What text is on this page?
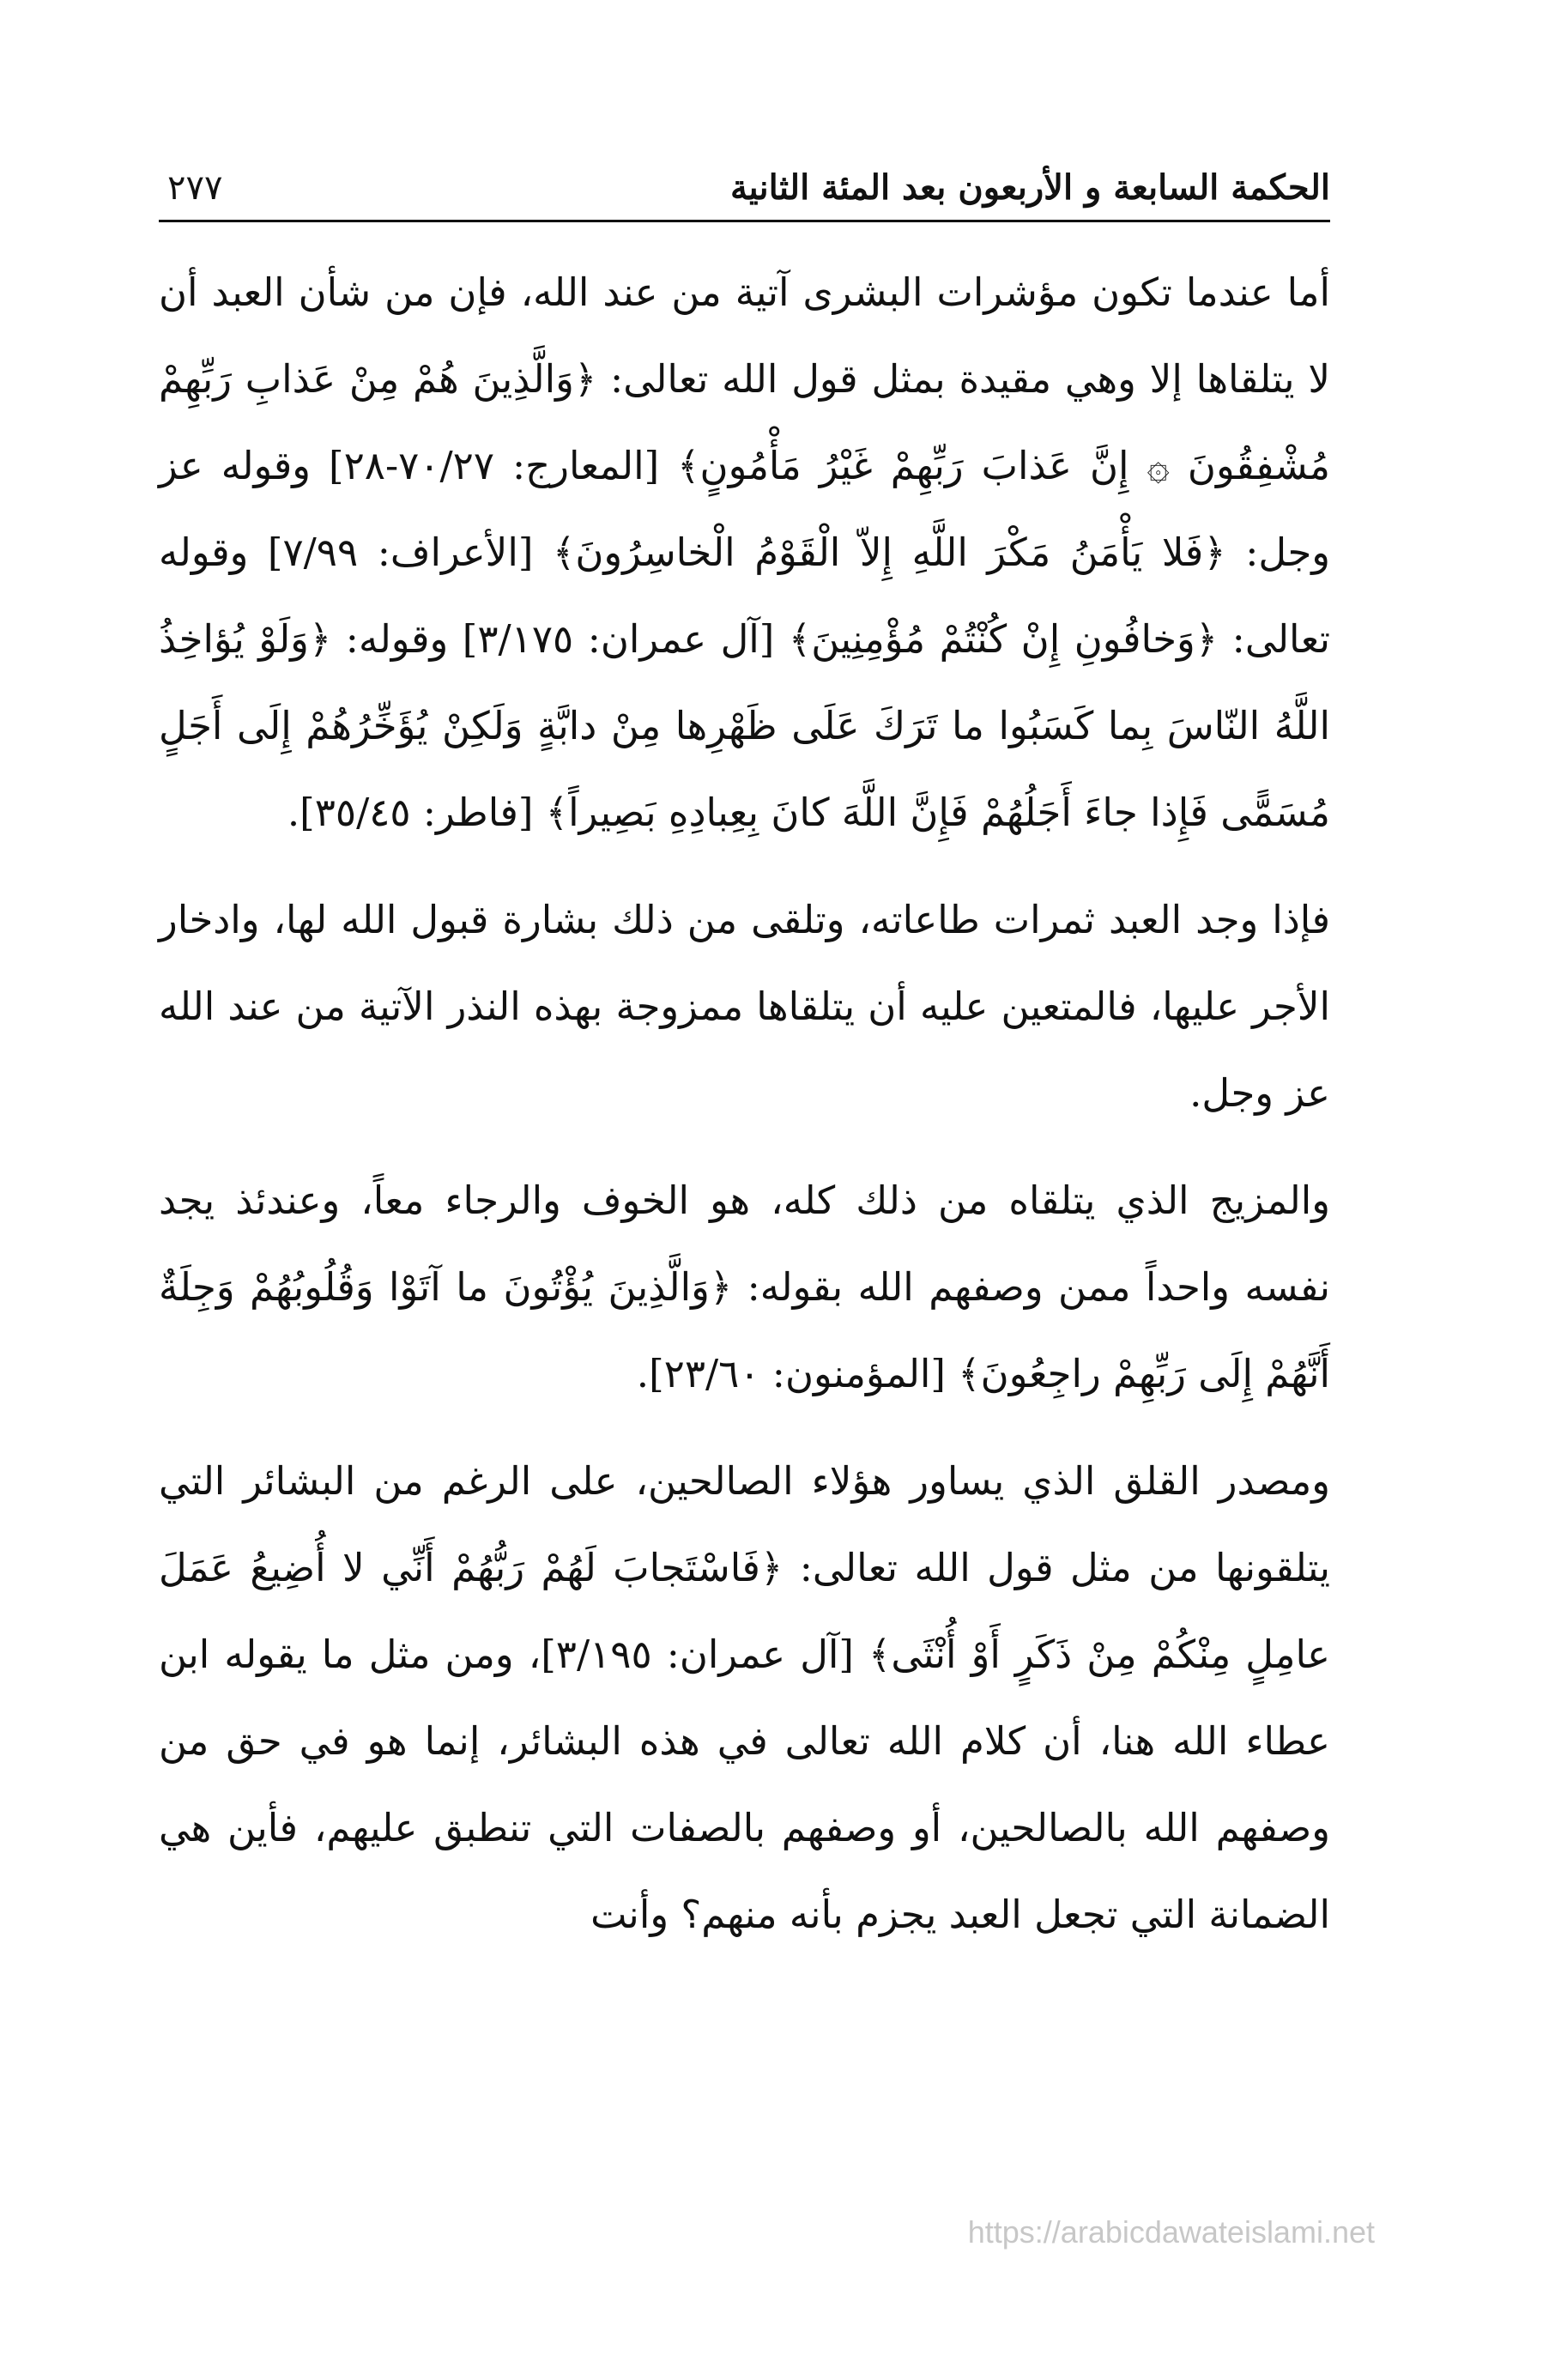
الحكمة السابعة و الأربعون بعد المئة الثانية
٢٧٧

أما عندما تكون مؤشرات البشرى آتية من عند الله، فإن من شأن العبد أن لا يتلقاها إلا وهي مقيدة بمثل قول الله تعالى: ﴿وَالَّذِينَ هُمْ مِنْ عَذابِ رَبِّهِمْ مُشْفِقُونَ ۞ إِنَّ عَذابَ رَبِّهِمْ غَيْرُ مَأْمُونٍ﴾ [المعارج: ٧٠/٢٧-٢٨] وقوله عز وجل: ﴿فَلا يَأْمَنُ مَكْرَ اللَّهِ إِلاّ الْقَوْمُ الْخاسِرُونَ﴾ [الأعراف: ٧/٩٩] وقوله تعالى: ﴿وَخافُونِ إِنْ كُنْتُمْ مُؤْمِنِينَ﴾ [آل عمران: ٣/١٧٥] وقوله: ﴿وَلَوْ يُؤاخِذُ اللَّهُ النّاسَ بِما كَسَبُوا ما تَرَكَ عَلَى ظَهْرِها مِنْ دابَّةٍ وَلَكِنْ يُؤَخِّرُهُمْ إِلَى أَجَلٍ مُسَمًّى فَإِذا جاءَ أَجَلُهُمْ فَإِنَّ اللَّهَ كانَ بِعِبادِهِ بَصِيراً﴾ [فاطر: ٣٥/٤٥].

فإذا وجد العبد ثمرات طاعاته، وتلقى من ذلك بشارة قبول الله لها، وادخار الأجر عليها، فالمتعين عليه أن يتلقاها ممزوجة بهذه النذر الآتية من عند الله عز وجل.

والمزيج الذي يتلقاه من ذلك كله، هو الخوف والرجاء معاً، وعندئذ يجد نفسه واحداً ممن وصفهم الله بقوله: ﴿وَالَّذِينَ يُؤْتُونَ ما آتَوْا وَقُلُوبُهُمْ وَجِلَةٌ أَنَّهُمْ إِلَى رَبِّهِمْ راجِعُونَ﴾ [المؤمنون: ٢٣/٦٠].

ومصدر القلق الذي يساور هؤلاء الصالحين، على الرغم من البشائر التي يتلقونها من مثل قول الله تعالى: ﴿فَاسْتَجابَ لَهُمْ رَبُّهُمْ أَنِّي لا أُضِيعُ عَمَلَ عامِلٍ مِنْكُمْ مِنْ ذَكَرٍ أَوْ أُنْثَى﴾ [آل عمران: ٣/١٩٥]، ومن مثل ما يقوله ابن عطاء الله هنا، أن كلام الله تعالى في هذه البشائر، إنما هو في حق من وصفهم الله بالصالحين، أو وصفهم بالصفات التي تنطبق عليهم، فأين هي الضمانة التي تجعل العبد يجزم بأنه منهم؟ وأنت

https://arabicdawateislami.net
